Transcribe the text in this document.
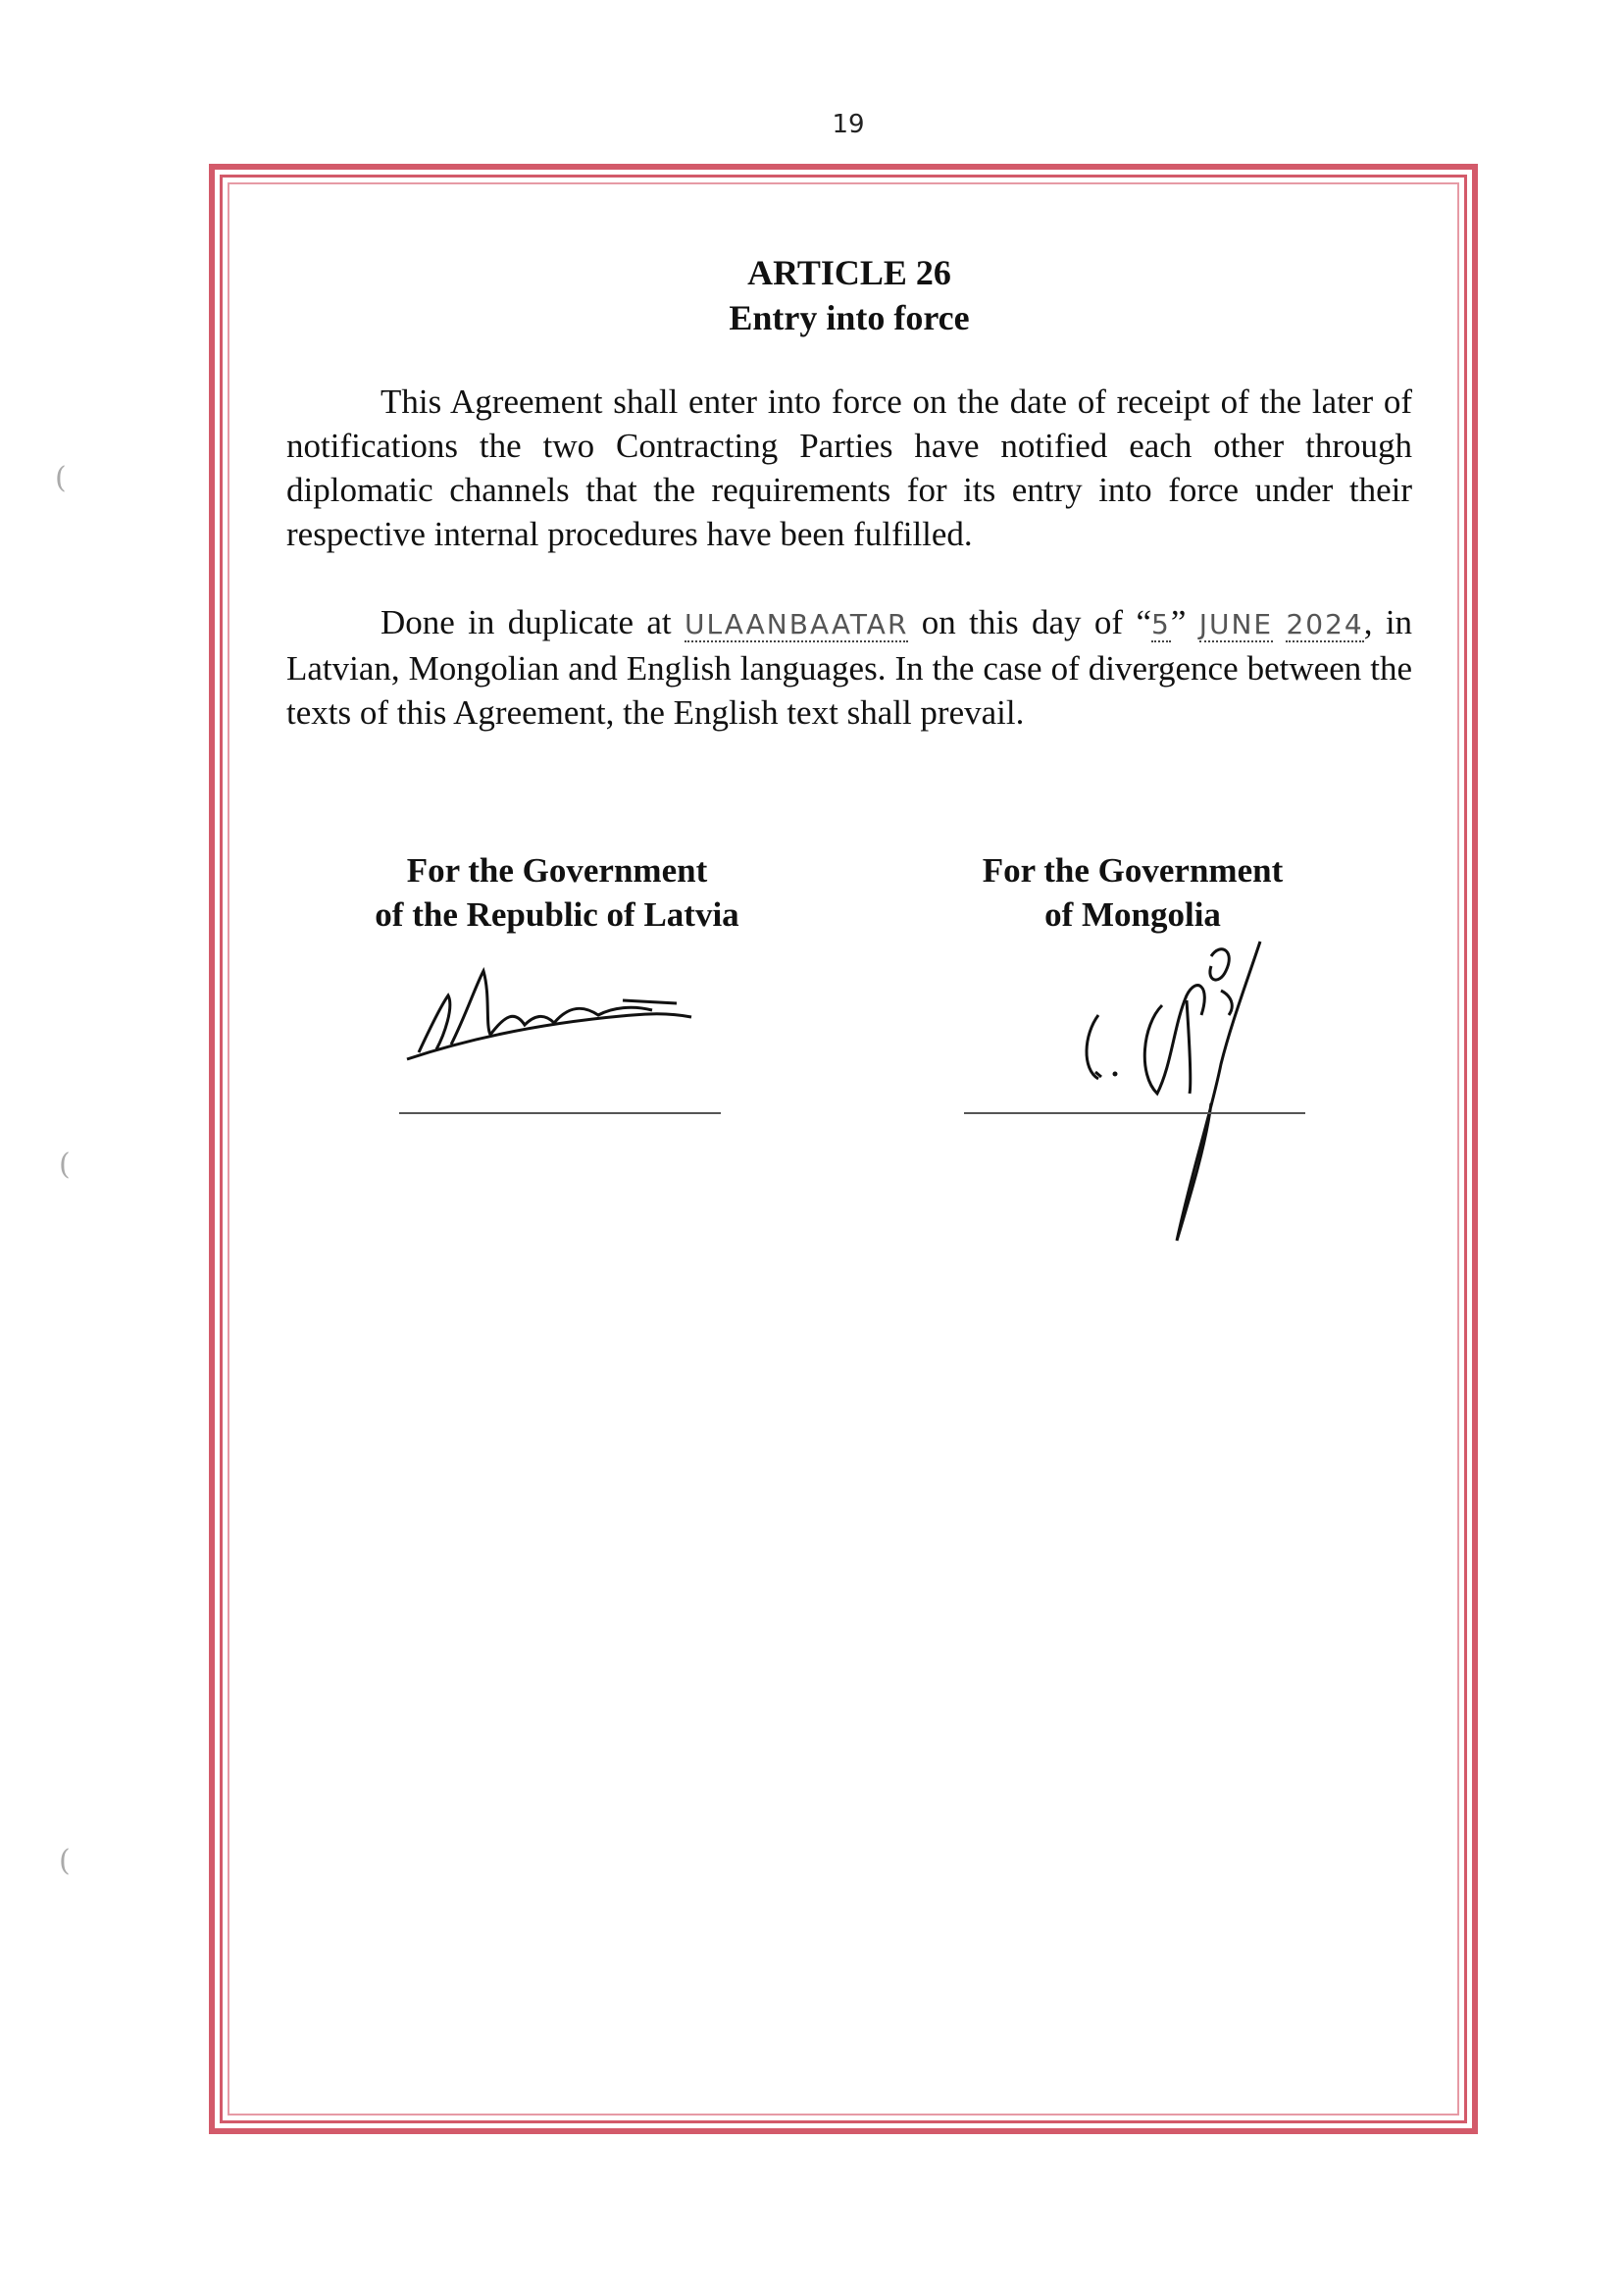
19
(
(
(
ARTICLE 26
Entry into force

This Agreement shall enter into force on the date of receipt of the later of notifications the two Contracting Parties have notified each other through diplomatic channels that the requirements for its entry into force under their respective internal procedures have been fulfilled.

Done in duplicate at ULAANBAATAR on this day of “5” JUNE 2024, in Latvian, Mongolian and English languages. In the case of divergence between the texts of this Agreement, the English text shall prevail.

For the Government
of the Republic of Latvia
For the Government
of Mongolia
